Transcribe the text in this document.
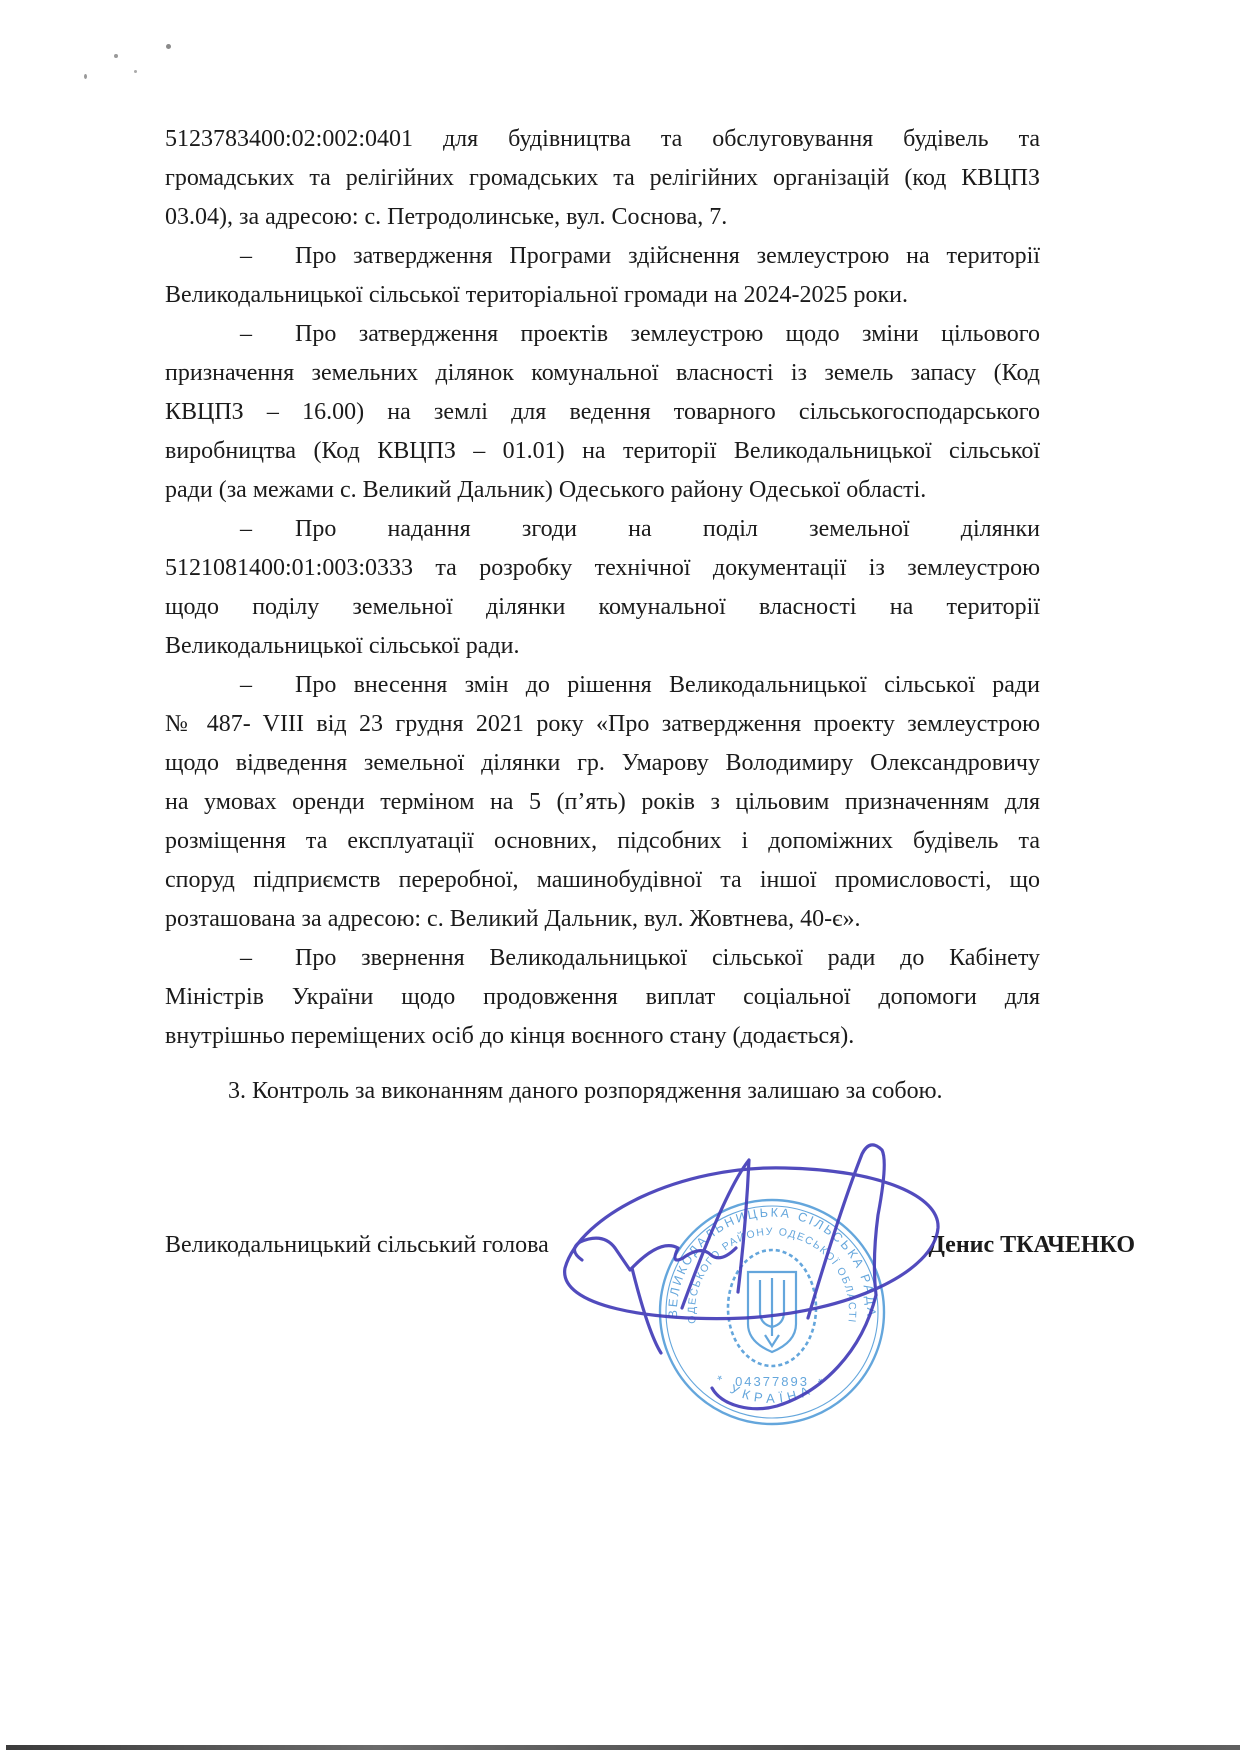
5123783400:02:002:0401 для будівництва та обслуговування будівель та
громадських та релігійних громадських та релігійних організацій (код КВЦПЗ
03.04), за адресою: с. Петродолинське, вул. Соснова, 7.
– Про затвердження Програми здійснення землеустрою на території
Великодальницької сільської територіальної громади на 2024-2025 роки.
– Про затвердження проектів землеустрою щодо зміни цільового
призначення земельних ділянок комунальної власності із земель запасу (Код
КВЦПЗ – 16.00) на землі для ведення товарного сільськогосподарського
виробництва (Код КВЦПЗ – 01.01) на території Великодальницької сільської
ради (за межами с. Великий Дальник) Одеського району Одеської області.
– Про надання згоди на поділ земельної ділянки
5121081400:01:003:0333 та розробку технічної документації із землеустрою
щодо поділу земельної ділянки комунальної власності на території
Великодальницької сільської ради.
– Про внесення змін до рішення Великодальницької сільської ради
№ 487- VIII від 23 грудня 2021 року «Про затвердження проекту землеустрою
щодо відведення земельної ділянки гр. Умарову Володимиру Олександровичу
на умовах оренди терміном на 5 (п’ять) років з цільовим призначенням для
розміщення та експлуатації основних, підсобних і допоміжних будівель та
споруд підприємств переробної, машинобудівної та іншої промисловості, що
розташована за адресою: с. Великий Дальник, вул. Жовтнева, 40-є».
– Про звернення Великодальницької сільської ради до Кабінету
Міністрів України щодо продовження виплат соціальної допомоги для
внутрішньо переміщених осіб до кінця воєнного стану (додається).
3. Контроль за виконанням даного розпорядження залишаю за собою.
Великодальницький сільський голова	Денис ТКАЧЕНКО
ВЕЛИКОДАЛЬНИЦЬКА СІЛЬСЬКА РАДА
ОДЕСЬКОГО РАЙОНУ ОДЕСЬКОЇ ОБЛАСТІ
* УКРАЇНА *
04377893
